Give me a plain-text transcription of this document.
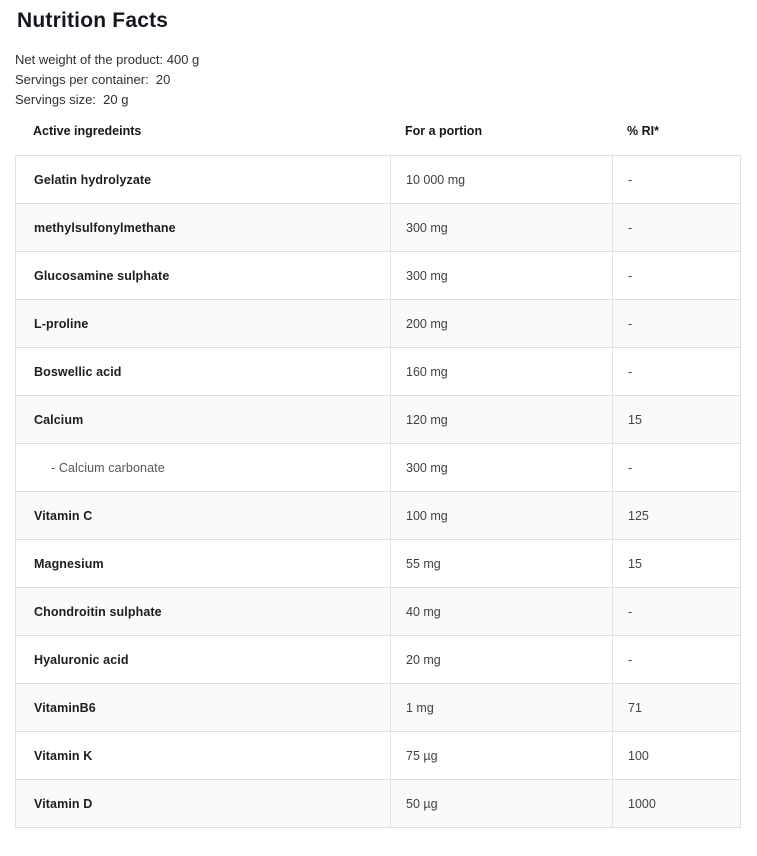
Nutrition Facts
Net weight of the product: 400 g
Servings per container:  20
Servings size:  20 g
Active ingredeints	For a portion	% RI*
Gelatin hydrolyzate	10 000 mg	-
methylsulfonylmethane	300 mg	-
Glucosamine sulphate	300 mg	-
L-proline	200 mg	-
Boswellic acid	160 mg	-
Calcium	120 mg	15
- Calcium carbonate	300 mg	-
Vitamin C	100 mg	125
Magnesium	55 mg	15
Chondroitin sulphate	40 mg	-
Hyaluronic acid	20 mg	-
VitaminB6	1 mg	71
Vitamin K	75 µg	100
Vitamin D	50 µg	1000
